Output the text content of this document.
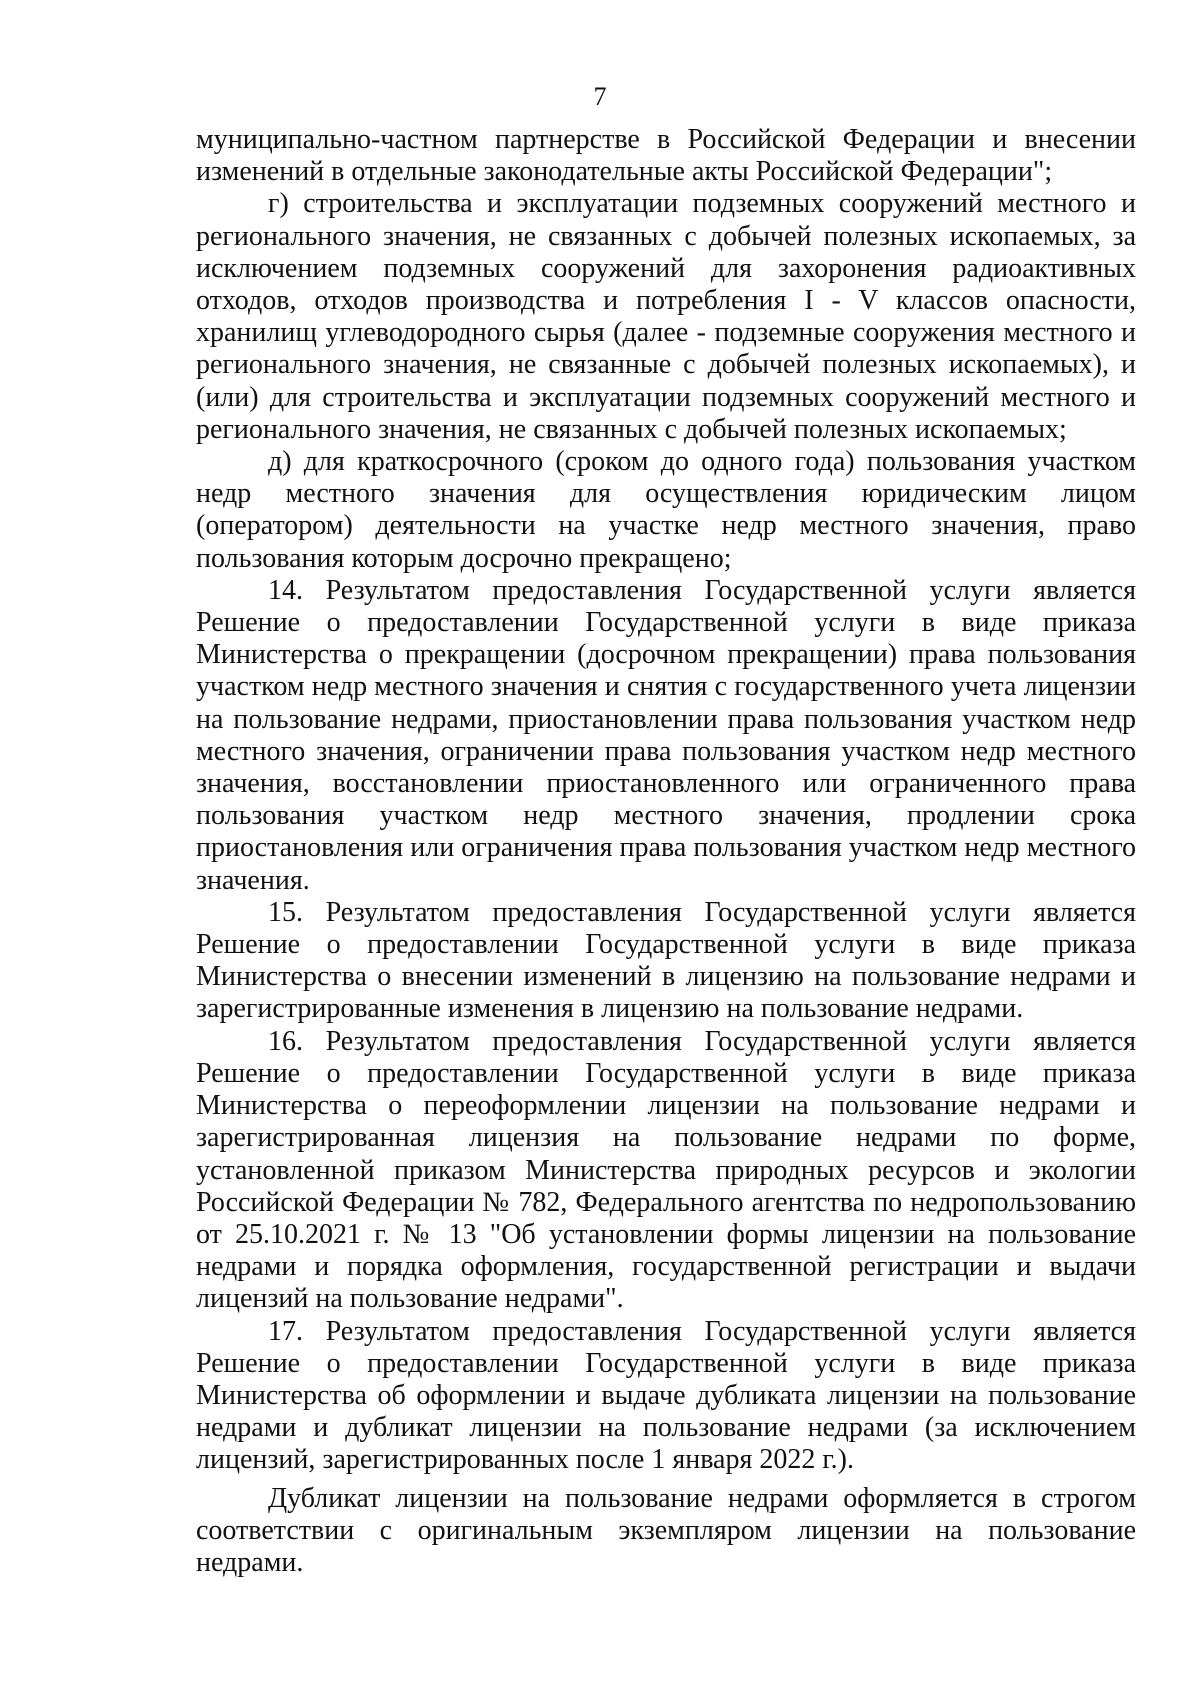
7

муниципально-частном партнерстве в Российской Федерации и внесении изменений в отдельные законодательные акты Российской Федерации";

г) строительства и эксплуатации подземных сооружений местного и регионального значения, не связанных с добычей полезных ископаемых, за исключением подземных сооружений для захоронения радиоактивных отходов, отходов производства и потребления I - V классов опасности, хранилищ углеводородного сырья (далее - подземные сооружения местного и регионального значения, не связанные с добычей полезных ископаемых), и (или) для строительства и эксплуатации подземных сооружений местного и регионального значения, не связанных с добычей полезных ископаемых;

д) для краткосрочного (сроком до одного года) пользования участком недр местного значения для осуществления юридическим лицом (оператором) деятельности на участке недр местного значения, право пользования которым досрочно прекращено;

14. Результатом предоставления Государственной услуги является Решение о предоставлении Государственной услуги в виде приказа Министерства о прекращении (досрочном прекращении) права пользования участком недр местного значения и снятия с государственного учета лицензии на пользование недрами, приостановлении права пользования участком недр местного значения, ограничении права пользования участком недр местного значения, восстановлении приостановленного или ограниченного права пользования участком недр местного значения, продлении срока приостановления или ограничения права пользования участком недр местного значения.

15. Результатом предоставления Государственной услуги является Решение о предоставлении Государственной услуги в виде приказа Министерства о внесении изменений в лицензию на пользование недрами и зарегистрированные изменения в лицензию на пользование недрами.

16. Результатом предоставления Государственной услуги является Решение о предоставлении Государственной услуги в виде приказа Министерства о переоформлении лицензии на пользование недрами и зарегистрированная лицензия на пользование недрами по форме, установленной приказом Министерства природных ресурсов и экологии Российской Федерации № 782, Федерального агентства по недропользованию от 25.10.2021 г. № 13 "Об установлении формы лицензии на пользование недрами и порядка оформления, государственной регистрации и выдачи лицензий на пользование недрами".

17. Результатом предоставления Государственной услуги является Решение о предоставлении Государственной услуги в виде приказа Министерства об оформлении и выдаче дубликата лицензии на пользование недрами и дубликат лицензии на пользование недрами (за исключением лицензий, зарегистрированных после 1 января 2022 г.).

Дубликат лицензии на пользование недрами оформляется в строгом соответствии с оригинальным экземпляром лицензии на пользование недрами.
